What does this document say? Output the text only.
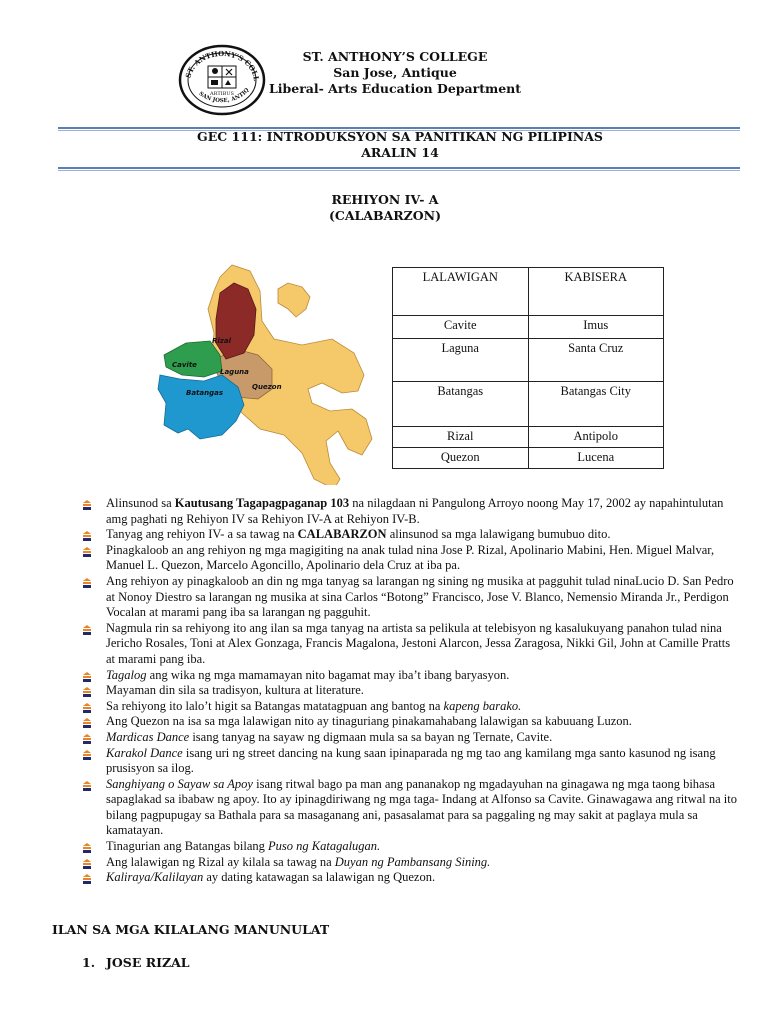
ST. ANTHONY'S COLL
SAN JOSE, ANTIQ
ARTIBUS
ST. ANTHONY’S COLLEGE
San Jose, Antique
Liberal- Arts Education Department
GEC 111: INTRODUKSYON SA PANITIKAN NG PILIPINAS
ARALIN 14
REHIYON IV- A
(CALABARZON)
Rizal
Cavite
Laguna
Batangas
Quezon
LALAWIGAN	KABISERA
Cavite	Imus
Laguna	Santa Cruz
Batangas	Batangas City
Rizal	Antipolo
Quezon	Lucena
Alinsunod sa Kautusang Tagapagpaganap 103 na nilagdaan ni Pangulong Arroyo noong May 17, 2002 ay napahintulutan amg paghati ng Rehiyon IV sa Rehiyon IV-A at Rehiyon IV-B.
Tanyag ang rehiyon IV- a sa tawag na CALABARZON alinsunod sa mga lalawigang bumubuo dito.
Pinagkaloob an ang rehiyon ng mga magigiting na anak tulad nina Jose P. Rizal, Apolinario Mabini, Hen. Miguel Malvar, Manuel L. Quezon, Marcelo Agoncillo, Apolinario dela Cruz at iba pa.
Ang rehiyon ay pinagkaloob an din ng mga tanyag sa larangan ng sining ng musika at pagguhit tulad ninaLucio D. San Pedro at Nonoy Diestro sa larangan ng musika at sina Carlos “Botong” Francisco, Jose V. Blanco, Nemensio Miranda Jr., Perdigon Vocalan at marami pang iba sa larangan ng pagguhit.
Nagmula rin sa rehiyong ito ang ilan sa mga tanyag na artista sa pelikula at telebisyon ng kasalukuyang panahon tulad nina Jericho Rosales, Toni at Alex Gonzaga, Francis Magalona, Jestoni Alarcon, Jessa Zaragosa, Nikki Gil, John at Camille Pratts at marami pang iba.
Tagalog ang wika ng mga mamamayan nito bagamat may iba’t ibang baryasyon.
Mayaman din sila sa tradisyon, kultura at literature.
Sa rehiyong ito lalo’t higit sa Batangas matatagpuan ang bantog na kapeng barako.
Ang Quezon na isa sa mga lalawigan nito ay tinaguriang pinakamahabang lalawigan sa kabuuang Luzon.
Mardicas Dance isang tanyag na sayaw ng digmaan mula sa sa bayan ng Ternate, Cavite.
Karakol Dance isang uri ng street dancing na kung saan ipinaparada ng mg tao ang kamilang mga santo kasunod ng isang prusisyon sa ilog.
Sanghiyang o Sayaw sa Apoy isang ritwal bago pa man ang pananakop ng mgadayuhan na ginagawa ng mga taong bihasa sapaglakad sa ibabaw ng apoy. Ito ay ipinagdiriwang ng mga taga- Indang at Alfonso sa Cavite. Ginawagawa ang ritwal na ito bilang pagpupugay sa Bathala para sa masaganang ani, pasasalamat para sa paggaling ng may sakit at paglaya mula sa kamatayan.
Tinagurian ang Batangas bilang Puso ng Katagalugan.
Ang lalawigan ng Rizal ay kilala sa tawag na Duyan ng Pambansang Sining.
Kaliraya/Kalilayan ay dating katawagan sa lalawigan ng Quezon.
ILAN SA MGA KILALANG MANUNULAT
1. JOSE RIZAL
